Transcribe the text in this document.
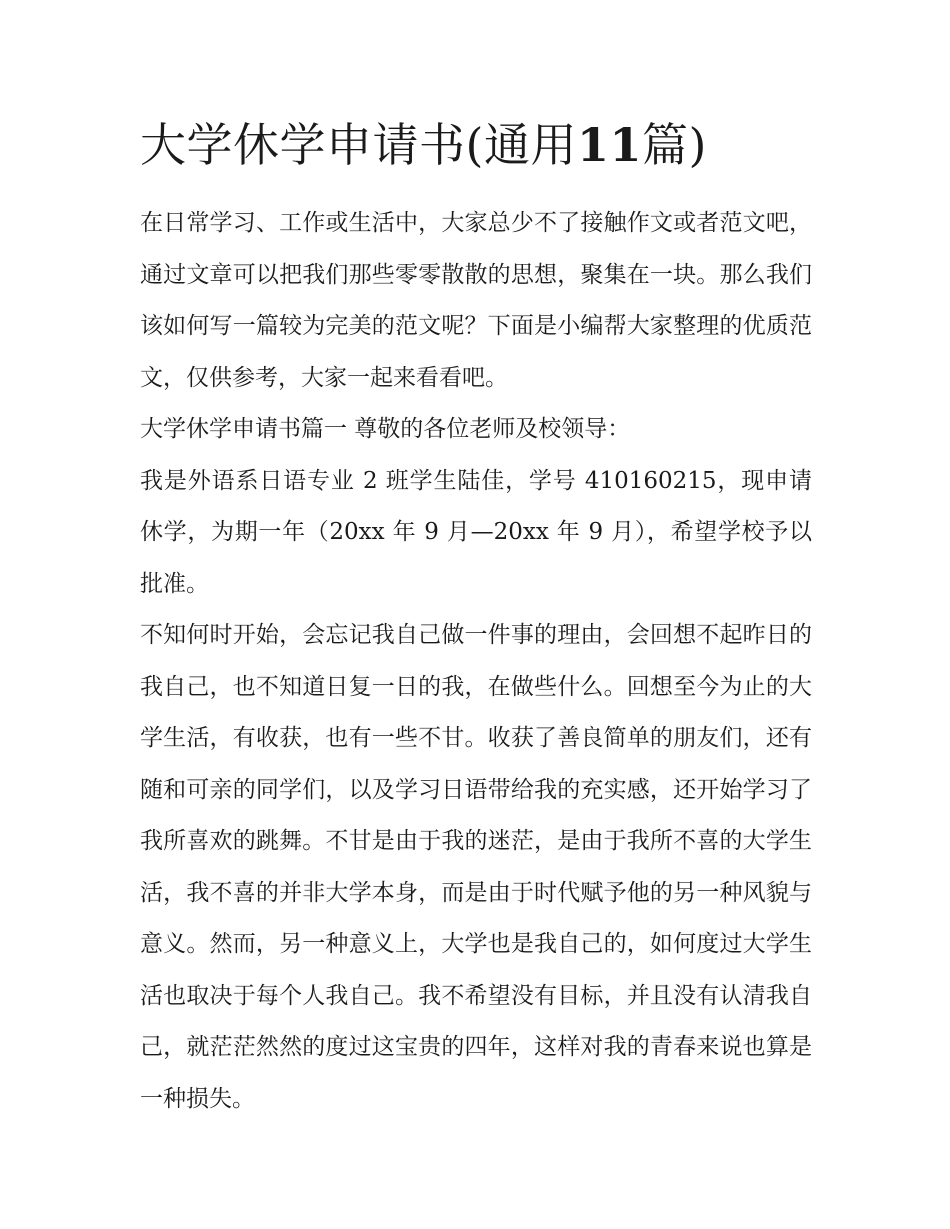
大学休学申请书(通用11篇)

在日常学习、工作或生活中，大家总少不了接触作文或者范文吧，通过文章可以把我们那些零零散散的思想，聚集在一块。那么我们该如何写一篇较为完美的范文呢？下面是小编帮大家整理的优质范文，仅供参考，大家一起来看看吧。

大学休学申请书篇一 尊敬的各位老师及校领导：

我是外语系日语专业 2 班学生陆佳，学号 410160215，现申请休学，为期一年（20xx 年 9 月—20xx 年 9 月），希望学校予以批准。

不知何时开始，会忘记我自己做一件事的理由，会回想不起昨日的我自己，也不知道日复一日的我，在做些什么。回想至今为止的大学生活，有收获，也有一些不甘。收获了善良简单的朋友们，还有随和可亲的同学们，以及学习日语带给我的充实感，还开始学习了我所喜欢的跳舞。不甘是由于我的迷茫，是由于我所不喜的大学生活，我不喜的并非大学本身，而是由于时代赋予他的另一种风貌与意义。然而，另一种意义上，大学也是我自己的，如何度过大学生活也取决于每个人我自己。我不希望没有目标，并且没有认清我自己，就茫茫然然的度过这宝贵的四年，这样对我的青春来说也算是一种损失。
